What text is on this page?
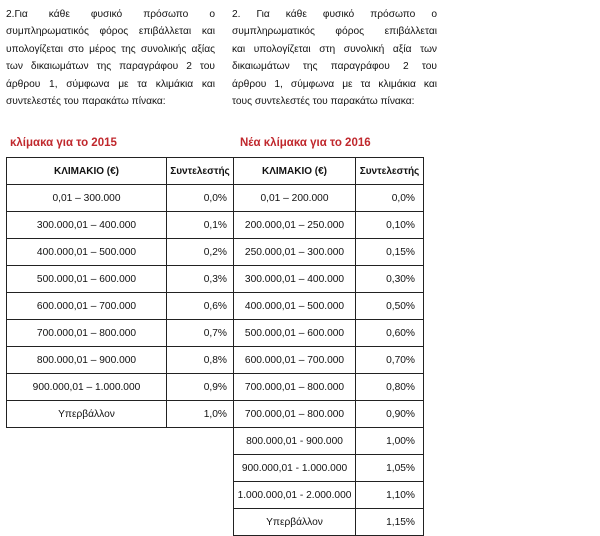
2.Για κάθε φυσικό πρόσωπο ο
συμπληρωματικός φόρος επιβάλλεται και
υπολογίζεται στο μέρος της συνολικής αξίας
των δικαιωμάτων της παραγράφου 2 του
άρθρου 1, σύμφωνα με τα κλιμάκια και
συντελεστές του παρακάτω πίνακα:
2. Για κάθε φυσικό πρόσωπο ο
συμπληρωματικός φόρος επιβάλλεται
και υπολογίζεται στη συνολική αξία των
δικαιωμάτων της παραγράφου 2 του
άρθρου 1, σύμφωνα με τα κλιμάκια και
τους συντελεστές του παρακάτω πίνακα:
κλίμακα για το 2015	Νέα κλίμακα για το 2016
ΚΛΙΜΑΚΙΟ (€)	Συντελεστής
0,01 – 300.000	0,0%
300.000,01 – 400.000	0,1%
400.000,01 – 500.000	0,2%
500.000,01 – 600.000	0,3%
600.000,01 – 700.000	0,6%
700.000,01 – 800.000	0,7%
800.000,01 – 900.000	0,8%
900.000,01 – 1.000.000	0,9%
Υπερβάλλον	1,0%
ΚΛΙΜΑΚΙΟ (€)	Συντελεστής
0,01 – 200.000	0,0%
200.000,01 – 250.000	0,10%
250.000,01 – 300.000	0,15%
300.000,01 – 400.000	0,30%
400.000,01 – 500.000	0,50%
500.000,01 – 600.000	0,60%
600.000,01 – 700.000	0,70%
700.000,01 – 800.000	0,80%
700.000,01 – 800.000	0,90%
800.000,01 - 900.000	1,00%
900.000,01 - 1.000.000	1,05%
1.000.000,01 - 2.000.000	1,10%
Υπερβάλλον	1,15%
